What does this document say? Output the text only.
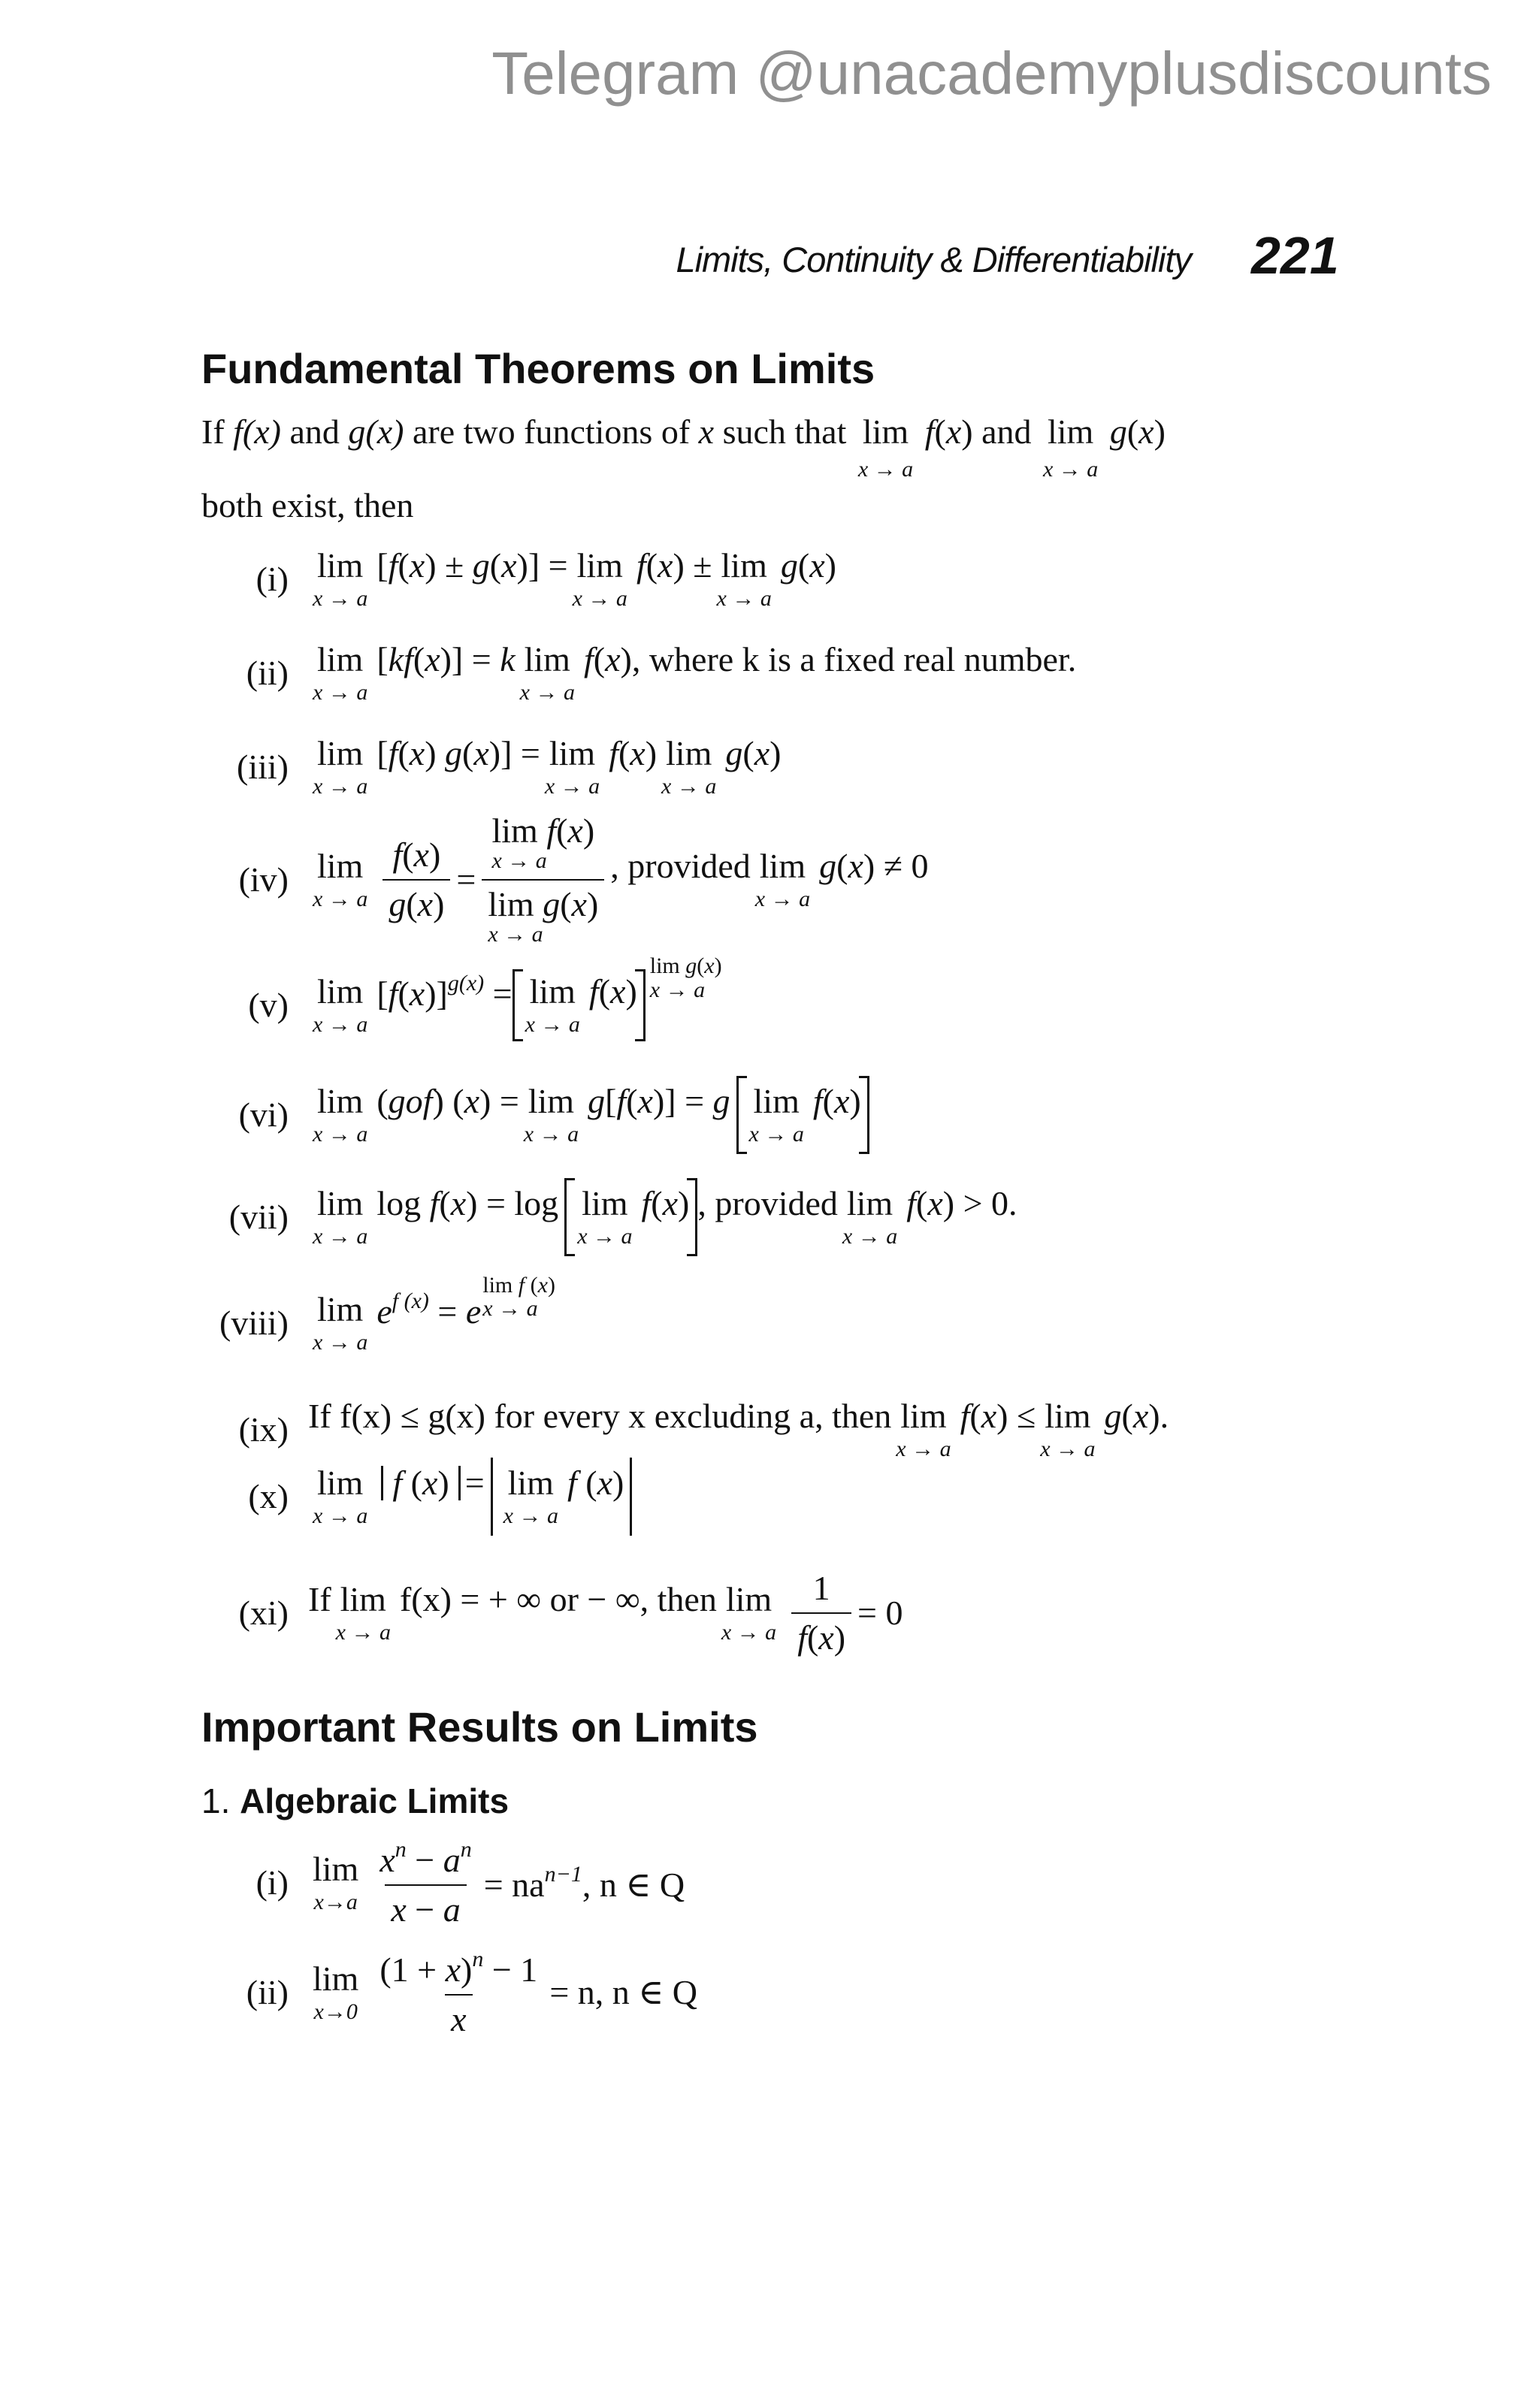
Telegram @unacademyplusdiscounts
Limits, Continuity & Differentiability 221
Fundamental Theorems on Limits
If f(x) and g(x) are two functions of x such that lim
x → a
f(x) and lim
x → a
g(x)
both exist, then
(i) lim
x → a
[f(x) ± g(x)] = lim
x → a
f(x) ± lim
x → a
g(x)
(ii) lim
x → a
[kf(x)] = k lim
x → a
f(x), where k is a fixed real number.
(iii) lim
x → a
[f(x) g(x)] = lim
x → a
f(x) lim
x → a
g(x)
(iv) lim
x → a $\frac{f(x)}{g(x)} = \lim f(x)$
x → a
lim g(x)
x → a , provided lim
x → a
g(x) ≠ 0
(v) lim
x → a
$[f(x)]^{g(x)} = \lim$
x → a
f(x)
lim g(x)
x → a
(vi) lim
x → a
(gof) (x) = lim
x → a
g[f(x)] = g lim
x → a
f(x)
(vii) lim
x → a
log f(x) = log lim
x → a
f(x) , provided lim
x → a
f(x) > 0.
(viii) lim
x → a
$e^{f (x)} = e$
lim f (x)
x → a
(ix) If f(x) ≤ g(x) for every x excluding a, then lim
x → a
f(x) ≤ lim
x → a
g(x).
(x) lim
x → a
f (x) = lim
x → a
f (x)
(xi) If lim
x → a
f(x) = + ∞ or − ∞, then lim
x → a $\frac{1}{f(x)} = 0$
Important Results on Limits
1. Algebraic Limits
(i) lim
$x\to a \frac{x^n - a^n}{x - a} = na^{n-1}$, n ∈ Q
(ii) lim
$x\to 0 \frac{(1 + x)^n - 1}{x} = n$, n ∈ Q
